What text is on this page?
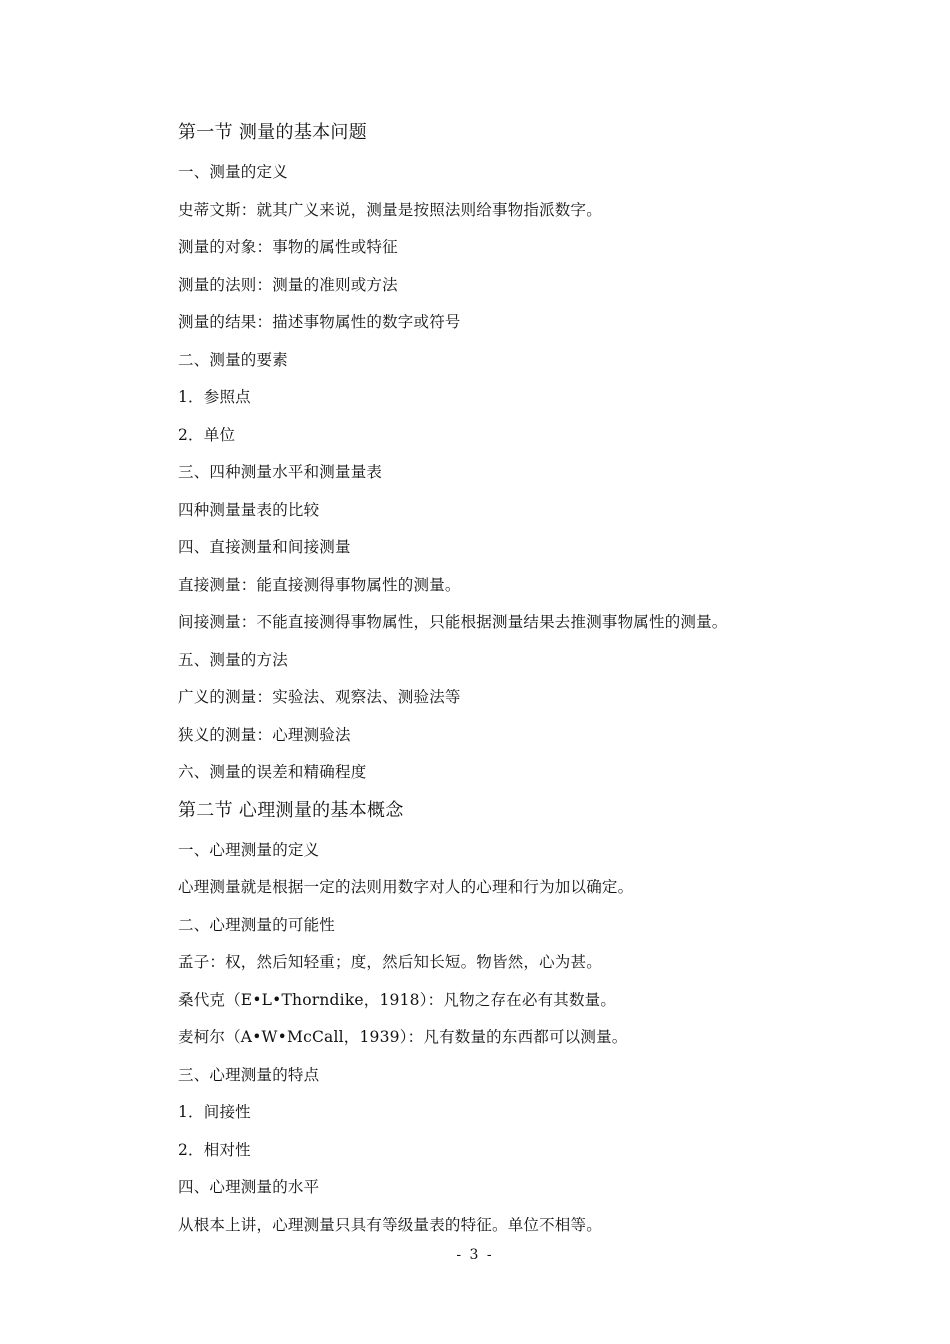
第一节 测量的基本问题
一、测量的定义
史蒂文斯：就其广义来说，测量是按照法则给事物指派数字。
测量的对象：事物的属性或特征
测量的法则：测量的准则或方法
测量的结果：描述事物属性的数字或符号
二、测量的要素
1．参照点
2．单位
三、四种测量水平和测量量表
四种测量量表的比较
四、直接测量和间接测量
直接测量：能直接测得事物属性的测量。
间接测量：不能直接测得事物属性，只能根据测量结果去推测事物属性的测量。
五、测量的方法
广义的测量：实验法、观察法、测验法等
狭义的测量：心理测验法
六、测量的误差和精确程度
第二节 心理测量的基本概念
一、心理测量的定义
心理测量就是根据一定的法则用数字对人的心理和行为加以确定。
二、心理测量的可能性
孟子：权，然后知轻重；度，然后知长短。物皆然，心为甚。
桑代克（E•L•Thorndike，1918）：凡物之存在必有其数量。
麦柯尔（A•W•McCall，1939）：凡有数量的东西都可以测量。
三、心理测量的特点
1．间接性
2．相对性
四、心理测量的水平
从根本上讲，心理测量只具有等级量表的特征。单位不相等。
- 3 -
